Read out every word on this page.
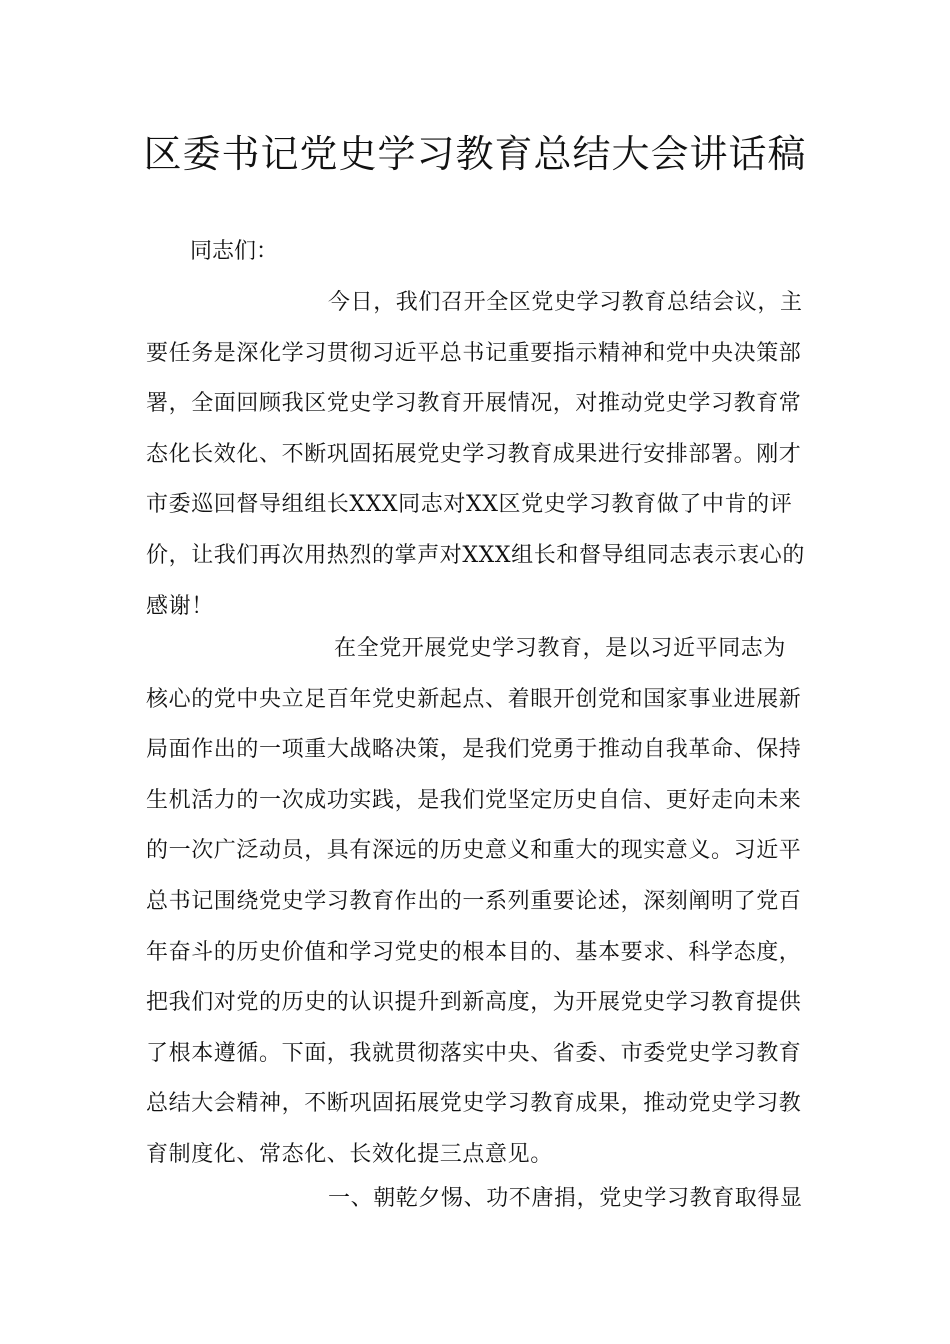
区委书记党史学习教育总结大会讲话稿

同志们：

今日，我们召开全区党史学习教育总结会议，主要任务是深化学习贯彻习近平总书记重要指示精神和党中央决策部署，全面回顾我区党史学习教育开展情况，对推动党史学习教育常态化长效化、不断巩固拓展党史学习教育成果进行安排部署。刚才市委巡回督导组组长XXX同志对XX区党史学习教育做了中肯的评价，让我们再次用热烈的掌声对XXX组长和督导组同志表示衷心的感谢！

在全党开展党史学习教育，是以习近平同志为核心的党中央立足百年党史新起点、着眼开创党和国家事业进展新局面作出的一项重大战略决策，是我们党勇于推动自我革命、保持生机活力的一次成功实践，是我们党坚定历史自信、更好走向未来的一次广泛动员，具有深远的历史意义和重大的现实意义。习近平总书记围绕党史学习教育作出的一系列重要论述，深刻阐明了党百年奋斗的历史价值和学习党史的根本目的、基本要求、科学态度，把我们对党的历史的认识提升到新高度，为开展党史学习教育提供了根本遵循。下面，我就贯彻落实中央、省委、市委党史学习教育总结大会精神，不断巩固拓展党史学习教育成果，推动党史学习教育制度化、常态化、长效化提三点意见。

一、朝乾夕惕、功不唐捐，党史学习教育取得显
